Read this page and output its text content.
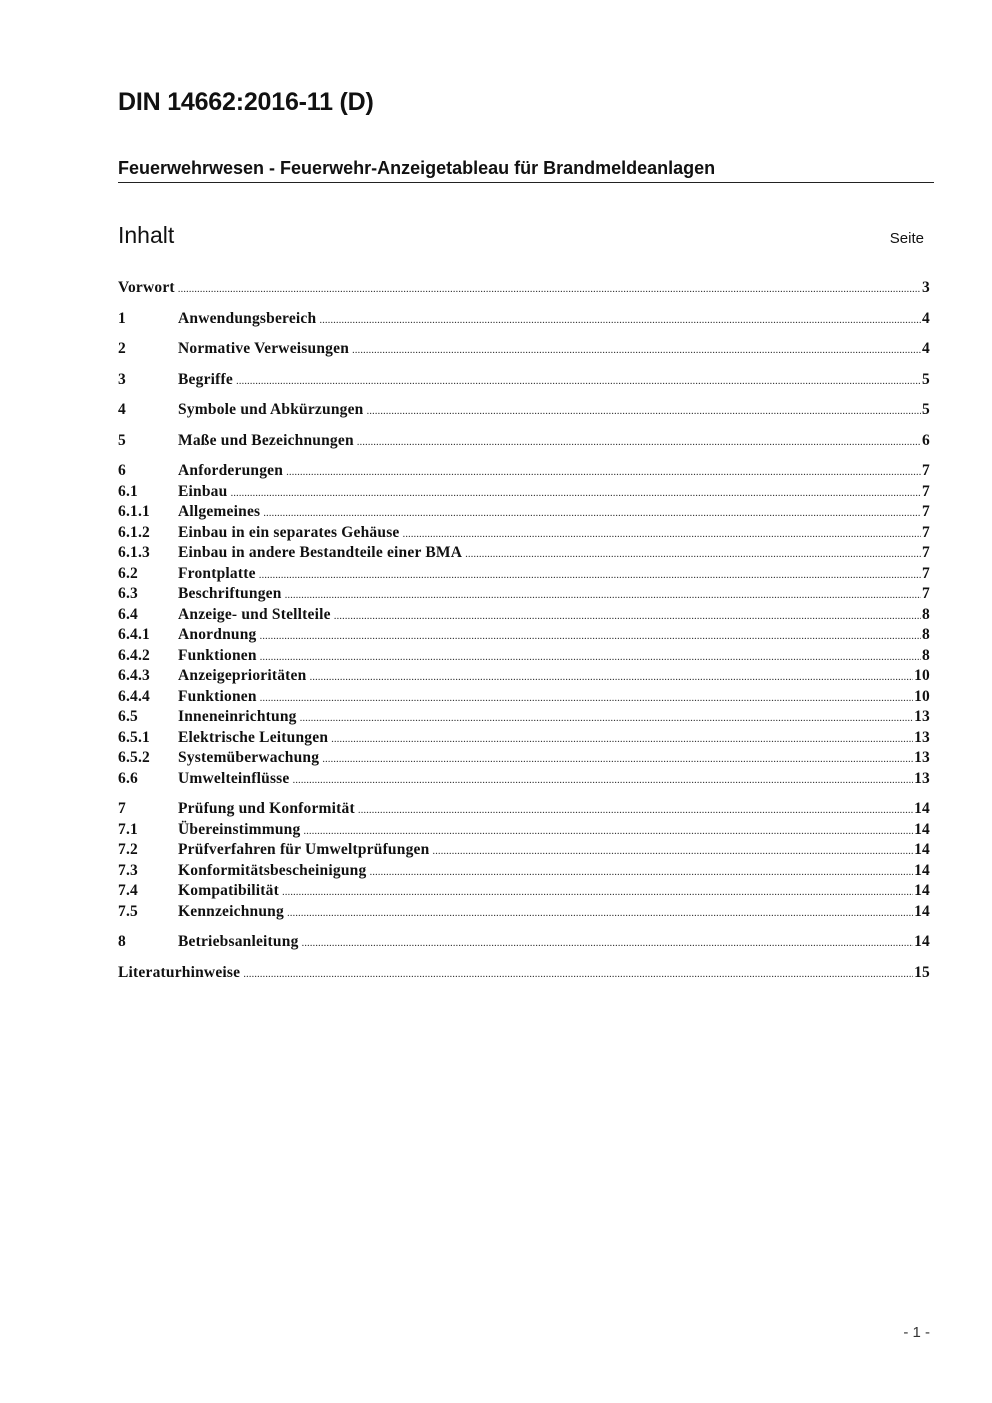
DIN 14662:2016-11 (D)
Feuerwehrwesen - Feuerwehr-Anzeigetableau für Brandmeldeanlagen
Inhalt	Seite
Vorwort .....	3
1	Anwendungsbereich .....	4
2	Normative Verweisungen .....	4
3	Begriffe .....	5
4	Symbole und Abkürzungen .....	5
5	Maße und Bezeichnungen .....	6
6	Anforderungen .....	7
6.1	Einbau .....	7
6.1.1	Allgemeines .....	7
6.1.2	Einbau in ein separates Gehäuse .....	7
6.1.3	Einbau in andere Bestandteile einer BMA .....	7
6.2	Frontplatte .....	7
6.3	Beschriftungen .....	7
6.4	Anzeige- und Stellteile .....	8
6.4.1	Anordnung .....	8
6.4.2	Funktionen .....	8
6.4.3	Anzeigeprioritäten .....	10
6.4.4	Funktionen .....	10
6.5	Inneneinrichtung .....	13
6.5.1	Elektrische Leitungen .....	13
6.5.2	Systemüberwachung .....	13
6.6	Umwelteinflüsse .....	13
7	Prüfung und Konformität .....	14
7.1	Übereinstimmung .....	14
7.2	Prüfverfahren für Umweltprüfungen .....	14
7.3	Konformitätsbescheinigung .....	14
7.4	Kompatibilität .....	14
7.5	Kennzeichnung .....	14
8	Betriebsanleitung .....	14
Literaturhinweise .....	15
- 1 -
